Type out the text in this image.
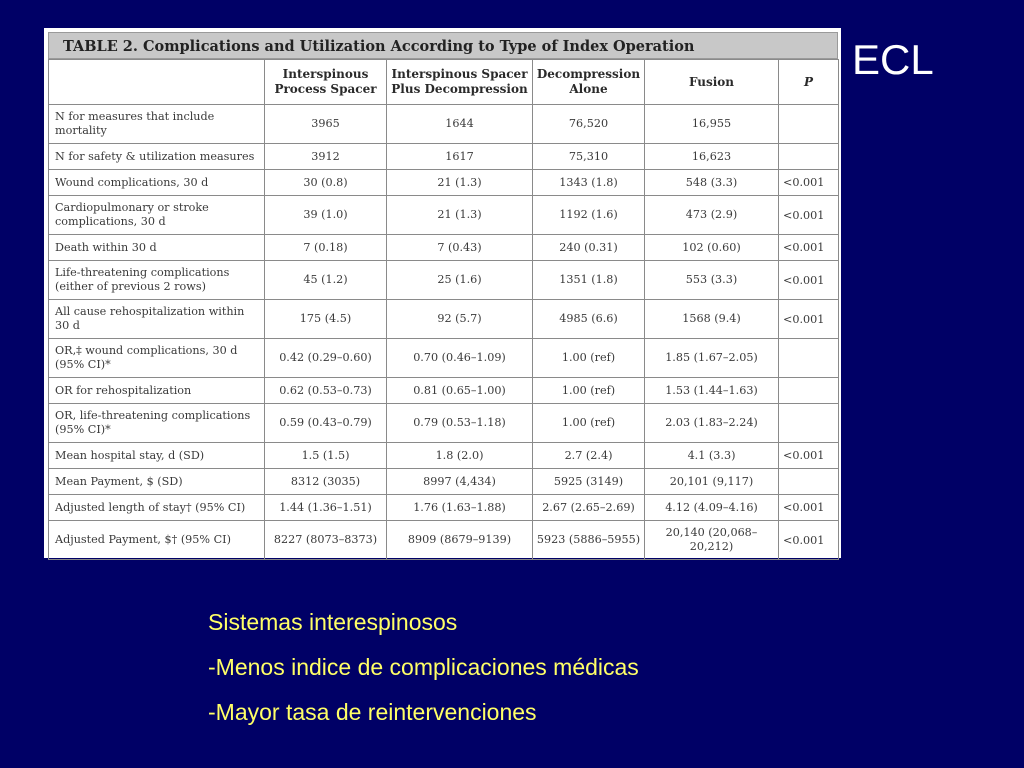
TABLE 2. Complications and Utilization According to Type of Index Operation
	Interspinous Process Spacer	Interspinous Spacer Plus Decompression	Decompression Alone	Fusion	P
N for measures that include mortality	3965	1644	76,520	16,955	
N for safety & utilization measures	3912	1617	75,310	16,623	
Wound complications, 30 d	30 (0.8)	21 (1.3)	1343 (1.8)	548 (3.3)	<0.001
Cardiopulmonary or stroke complications, 30 d	39 (1.0)	21 (1.3)	1192 (1.6)	473 (2.9)	<0.001
Death within 30 d	7 (0.18)	7 (0.43)	240 (0.31)	102 (0.60)	<0.001
Life-threatening complications (either of previous 2 rows)	45 (1.2)	25 (1.6)	1351 (1.8)	553 (3.3)	<0.001
All cause rehospitalization within 30 d	175 (4.5)	92 (5.7)	4985 (6.6)	1568 (9.4)	<0.001
OR,‡ wound complications, 30 d (95% CI)*	0.42 (0.29–0.60)	0.70 (0.46–1.09)	1.00 (ref)	1.85 (1.67–2.05)	
OR for rehospitalization	0.62 (0.53–0.73)	0.81 (0.65–1.00)	1.00 (ref)	1.53 (1.44–1.63)	
OR, life-threatening complications (95% CI)*	0.59 (0.43–0.79)	0.79 (0.53–1.18)	1.00 (ref)	2.03 (1.83–2.24)	
Mean hospital stay, d (SD)	1.5 (1.5)	1.8 (2.0)	2.7 (2.4)	4.1 (3.3)	<0.001
Mean Payment, $ (SD)	8312 (3035)	8997 (4,434)	5925 (3149)	20,101 (9,117)	
Adjusted length of stay† (95% CI)	1.44 (1.36–1.51)	1.76 (1.63–1.88)	2.67 (2.65–2.69)	4.12 (4.09–4.16)	<0.001
Adjusted Payment, $† (95% CI)	8227 (8073–8373)	8909 (8679–9139)	5923 (5886–5955)	20,140 (20,068–20,212)	<0.001
ECL
Sistemas interespinosos
-Menos indice de complicaciones médicas
-Mayor tasa de reintervenciones
